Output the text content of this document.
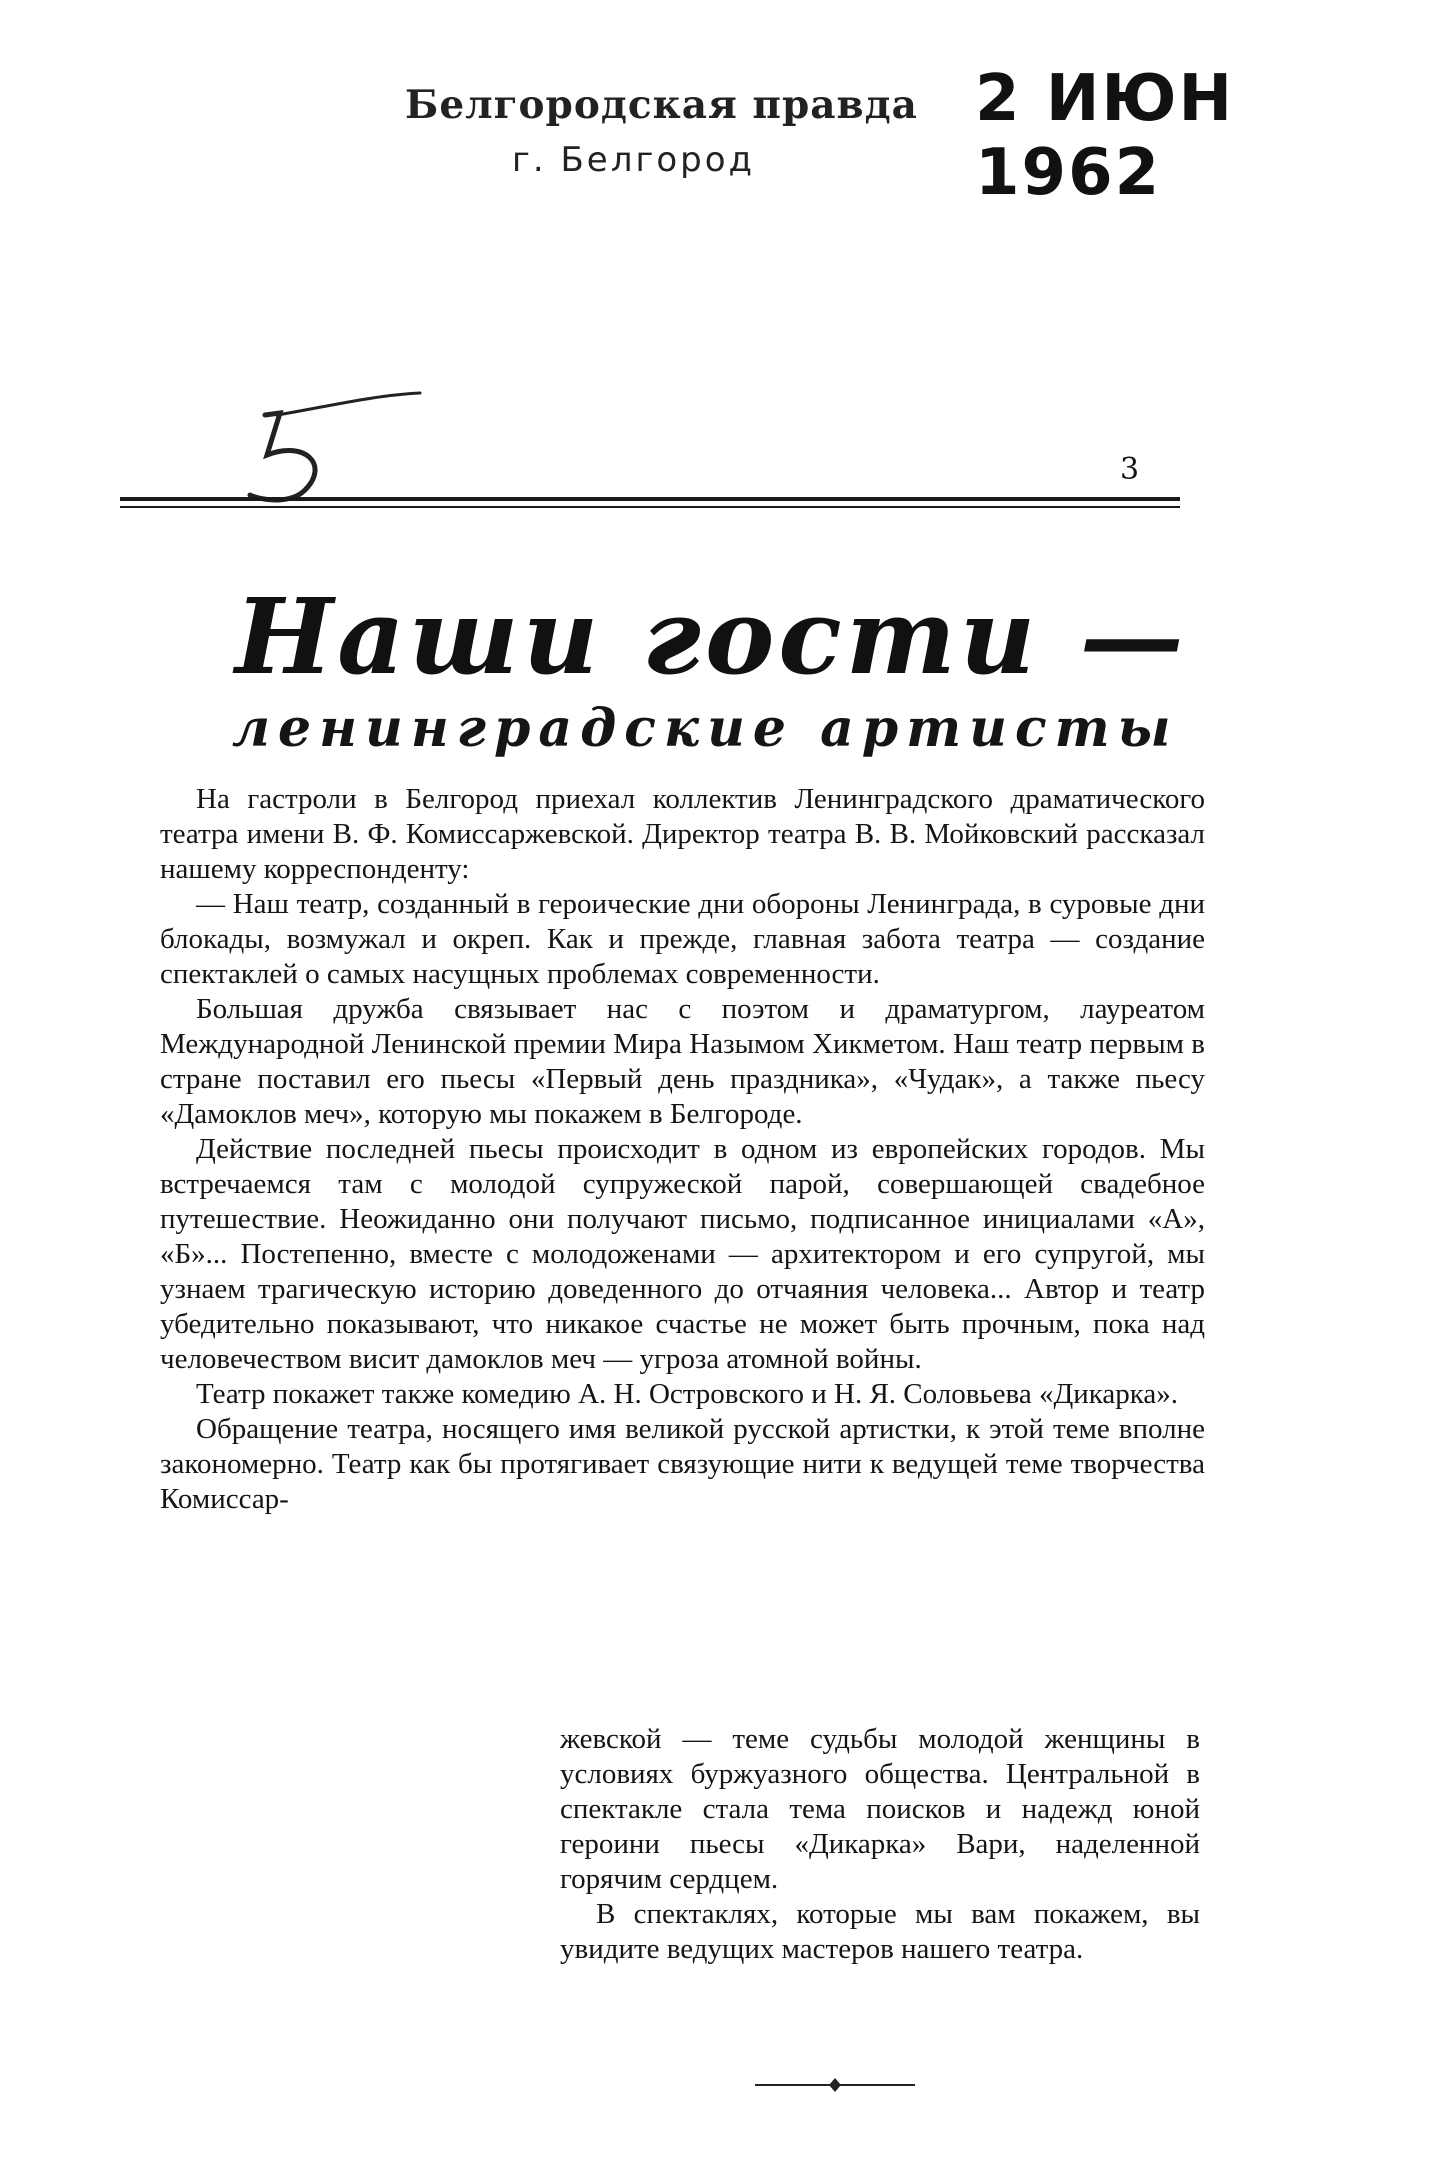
Белгородская правда
г. Белгород
2 ИЮН 1962
3
Наши гости —
ленинградские артисты

На гастроли в Белгород приехал коллектив Ленинградского драматического театра имени В. Ф. Комиссаржевской. Директор театра В. В. Мойковский рассказал нашему корреспонденту:

— Наш театр, созданный в героические дни обороны Ленинграда, в суровые дни блокады, возмужал и окреп. Как и прежде, главная забота театра — создание спектаклей о самых насущных проблемах современности.

Большая дружба связывает нас с поэтом и драматургом, лауреатом Международной Ленинской премии Мира Назымом Хикметом. Наш театр первым в стране поставил его пьесы «Первый день праздника», «Чудак», а также пьесу «Дамоклов меч», которую мы покажем в Белгороде.

Действие последней пьесы происходит в одном из европейских городов. Мы встречаемся там с молодой супружеской парой, совершающей свадебное путешествие. Неожиданно они получают письмо, подписанное инициалами «А», «Б»... Постепенно, вместе с молодоженами — архитектором и его супругой, мы узнаем трагическую историю доведенного до отчаяния человека... Автор и театр убедительно показывают, что никакое счастье не может быть прочным, пока над человечеством висит дамоклов меч — угроза атомной войны.

Театр покажет также комедию А. Н. Островского и Н. Я. Соловьева «Дикарка».

Обращение театра, носящего имя великой русской артистки, к этой теме вполне закономерно. Театр как бы протягивает связующие нити к ведущей теме творчества Комиссар-

жевской — теме судьбы молодой женщины в условиях буржуазного общества. Центральной в спектакле стала тема поисков и надежд юной героини пьесы «Дикарка» Вари, наделенной горячим сердцем.

В спектаклях, которые мы вам покажем, вы увидите ведущих мастеров нашего театра.
